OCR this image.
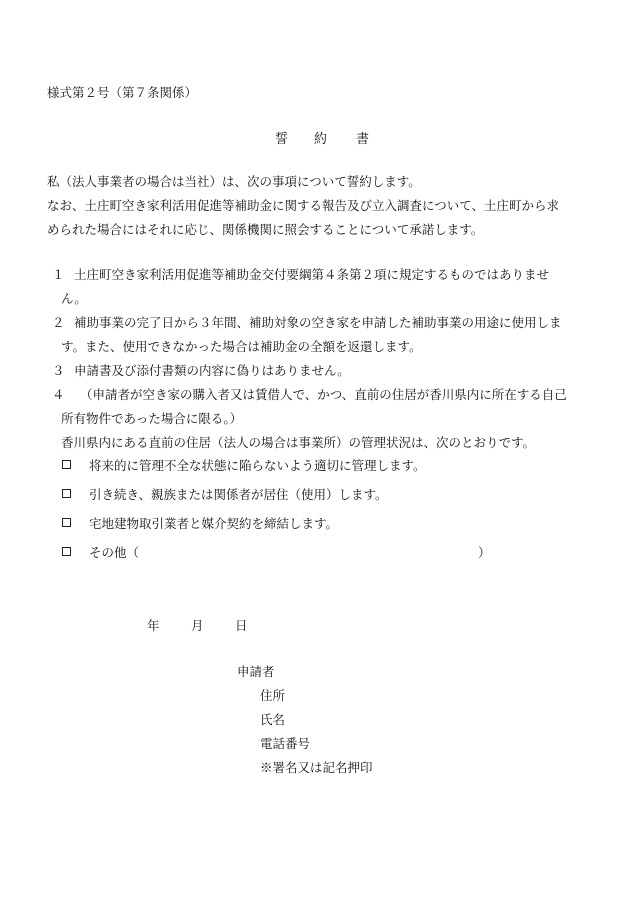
様式第２号（第７条関係）
誓 約 書
私（法人事業者の場合は当社）は、次の事項について誓約します。
なお、土庄町空き家利活用促進等補助金に関する報告及び立入調査について、土庄町から求
められた場合にはそれに応じ、関係機関に照会することについて承諾します。
１ 土庄町空き家利活用促進等補助金交付要綱第４条第２項に規定するものではありませ
ん。
２ 補助事業の完了日から３年間、補助対象の空き家を申請した補助事業の用途に使用しま
す。また、使用できなかった場合は補助金の全額を返還します。
３ 申請書及び添付書類の内容に偽りはありません。
４ （申請者が空き家の購入者又は賃借人で、かつ、直前の住居が香川県内に所在する自己
所有物件であった場合に限る。）
香川県内にある直前の住居（法人の場合は事業所）の管理状況は、次のとおりです。
将来的に管理不全な状態に陥らないよう適切に管理します。
引き続き、親族または関係者が居住（使用）します。
宅地建物取引業者と媒介契約を締結します。
その他（	）
年	月	日
申請者
住所
氏名
電話番号
※署名又は記名押印
